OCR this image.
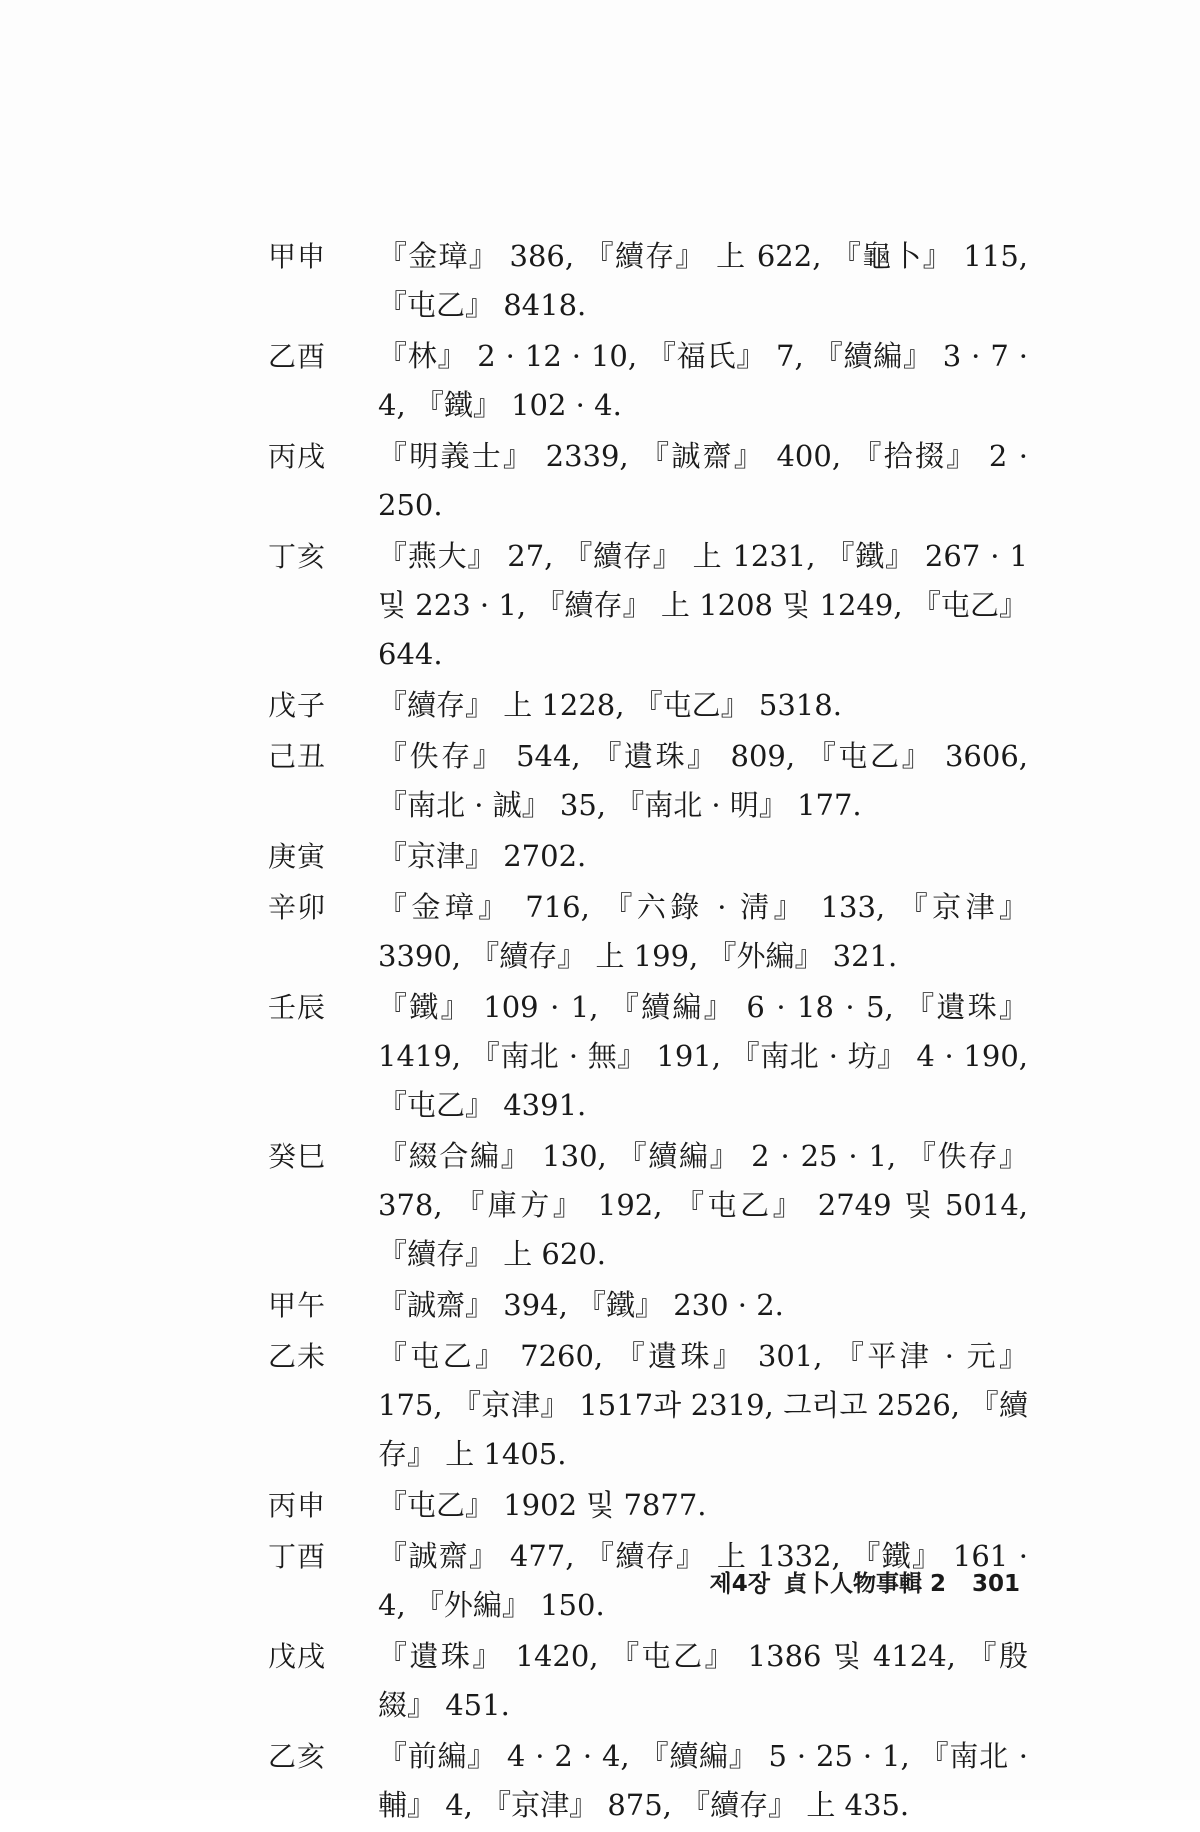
甲申	『金璋』 386, 『續存』 上 622, 『龜卜』 115, 『屯乙』 8418.
乙酉	『林』 2 · 12 · 10, 『福氏』 7, 『續編』 3 · 7 · 4, 『鐵』 102 · 4.
丙戌	『明義士』 2339, 『誠齋』 400, 『拾掇』 2 · 250.
丁亥	『燕大』 27, 『續存』 上 1231, 『鐵』 267 · 1 및 223 · 1, 『續存』 上 1208 및 1249, 『屯乙』 644.
戊子	『續存』 上 1228, 『屯乙』 5318.
己丑	『佚存』 544, 『遺珠』 809, 『屯乙』 3606, 『南北 · 誠』 35, 『南北 · 明』 177.
庚寅	『京津』 2702.
辛卯	『金璋』 716, 『六錄 · 淸』 133, 『京津』 3390, 『續存』 上 199, 『外編』 321.
壬辰	『鐵』 109 · 1, 『續編』 6 · 18 · 5, 『遺珠』 1419, 『南北 · 無』 191, 『南北 · 坊』 4 · 190, 『屯乙』 4391.
癸巳	『綴合編』 130, 『續編』 2 · 25 · 1, 『佚存』 378, 『庫方』 192, 『屯乙』 2749 및 5014, 『續存』 上 620.
甲午	『誠齋』 394, 『鐵』 230 · 2.
乙未	『屯乙』 7260, 『遺珠』 301, 『平津 · 元』 175, 『京津』 1517과 2319, 그리고 2526, 『續存』 上 1405.
丙申	『屯乙』 1902 및 7877.
丁酉	『誠齋』 477, 『續存』 上 1332, 『鐵』 161 · 4, 『外編』 150.
戊戌	『遺珠』 1420, 『屯乙』 1386 및 4124, 『殷綴』 451.
乙亥	『前編』 4 · 2 · 4, 『續編』 5 · 25 · 1, 『南北 · 輔』 4, 『京津』 875, 『續存』 上 435.
제4장 貞卜人物事輯 2 301
